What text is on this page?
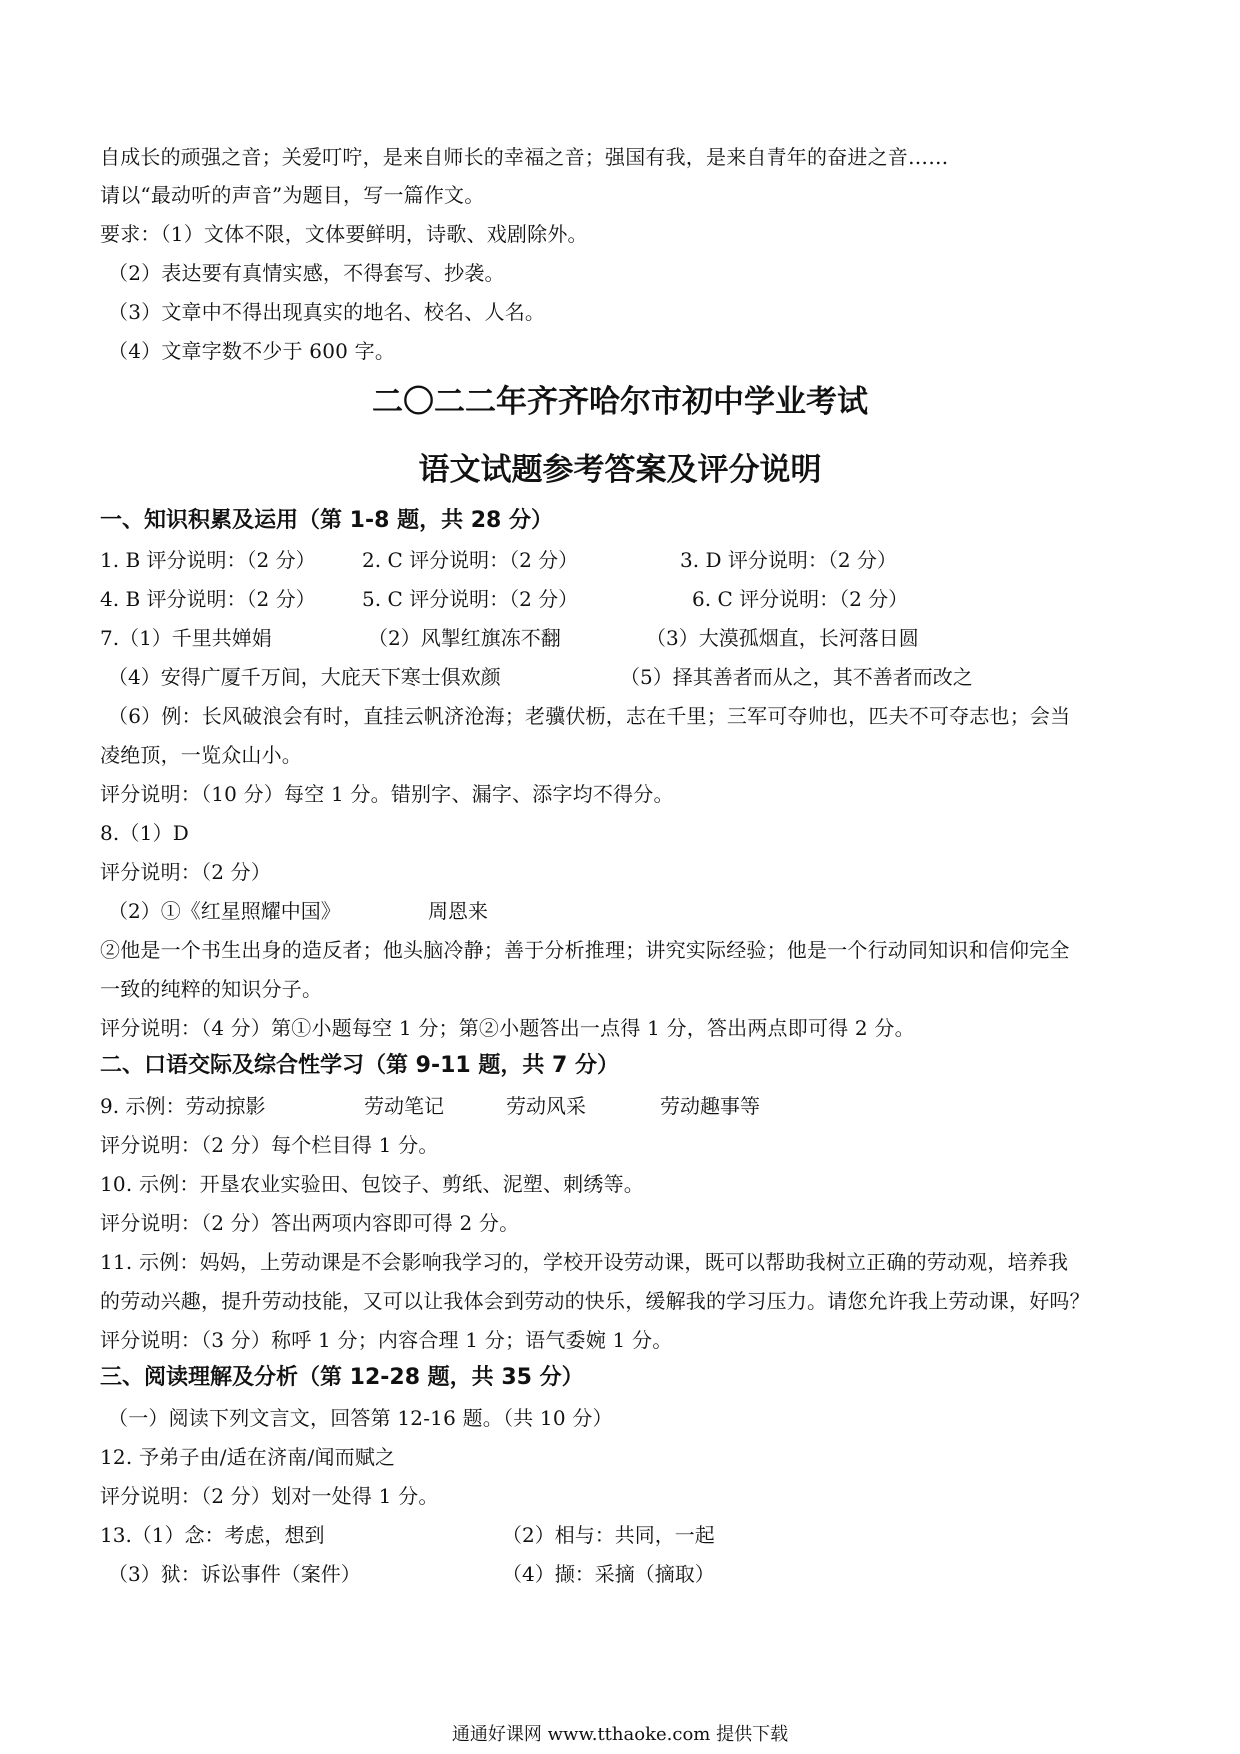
自成长的顽强之音；关爱叮咛，是来自师长的幸福之音；强国有我，是来自青年的奋进之音……
请以“最动听的声音”为题目，写一篇作文。
要求：（1）文体不限，文体要鲜明，诗歌、戏剧除外。
（2）表达要有真情实感，不得套写、抄袭。
（3）文章中不得出现真实的地名、校名、人名。
（4）文章字数不少于 600 字。
二〇二二年齐齐哈尔市初中学业考试
语文试题参考答案及评分说明
一、知识积累及运用（第 1-8 题，共 28 分）
1. B 评分说明：（2 分） 2. C 评分说明：（2 分）	3. D 评分说明：（2 分）
4. B 评分说明：（2 分） 5. C 评分说明：（2 分）	6. C 评分说明：（2 分）
7.（1）千里共婵娟	（2）风掣红旗冻不翻	（3）大漠孤烟直，长河落日圆
（4）安得广厦千万间，大庇天下寒士俱欢颜	（5）择其善者而从之，其不善者而改之
（6）例：长风破浪会有时，直挂云帆济沧海；老骥伏枥，志在千里；三军可夺帅也，匹夫不可夺志也；会当
凌绝顶，一览众山小。
评分说明：（10 分）每空 1 分。错别字、漏字、添字均不得分。
8.（1）D
评分说明：（2 分）
（2）①《红星照耀中国》	周恩来
②他是一个书生出身的造反者；他头脑冷静；善于分析推理；讲究实际经验；他是一个行动同知识和信仰完全
一致的纯粹的知识分子。
评分说明：（4 分）第①小题每空 1 分；第②小题答出一点得 1 分，答出两点即可得 2 分。
二、口语交际及综合性学习（第 9-11 题，共 7 分）
9. 示例：劳动掠影	劳动笔记	劳动风采	劳动趣事等
评分说明：（2 分）每个栏目得 1 分。
10. 示例：开垦农业实验田、包饺子、剪纸、泥塑、刺绣等。
评分说明：（2 分）答出两项内容即可得 2 分。
11. 示例：妈妈，上劳动课是不会影响我学习的，学校开设劳动课，既可以帮助我树立正确的劳动观，培养我
的劳动兴趣，提升劳动技能，又可以让我体会到劳动的快乐，缓解我的学习压力。请您允许我上劳动课，好吗？
评分说明：（3 分）称呼 1 分；内容合理 1 分；语气委婉 1 分。
三、阅读理解及分析（第 12-28 题，共 35 分）
（一）阅读下列文言文，回答第 12-16 题。（共 10 分）
12. 予弟子由/适在济南/闻而赋之
评分说明：（2 分）划对一处得 1 分。
13.（1）念：考虑，想到	（2）相与：共同，一起
（3）狱：诉讼事件（案件）	（4）撷：采摘（摘取）
通通好课网 www.tthaoke.com 提供下载
